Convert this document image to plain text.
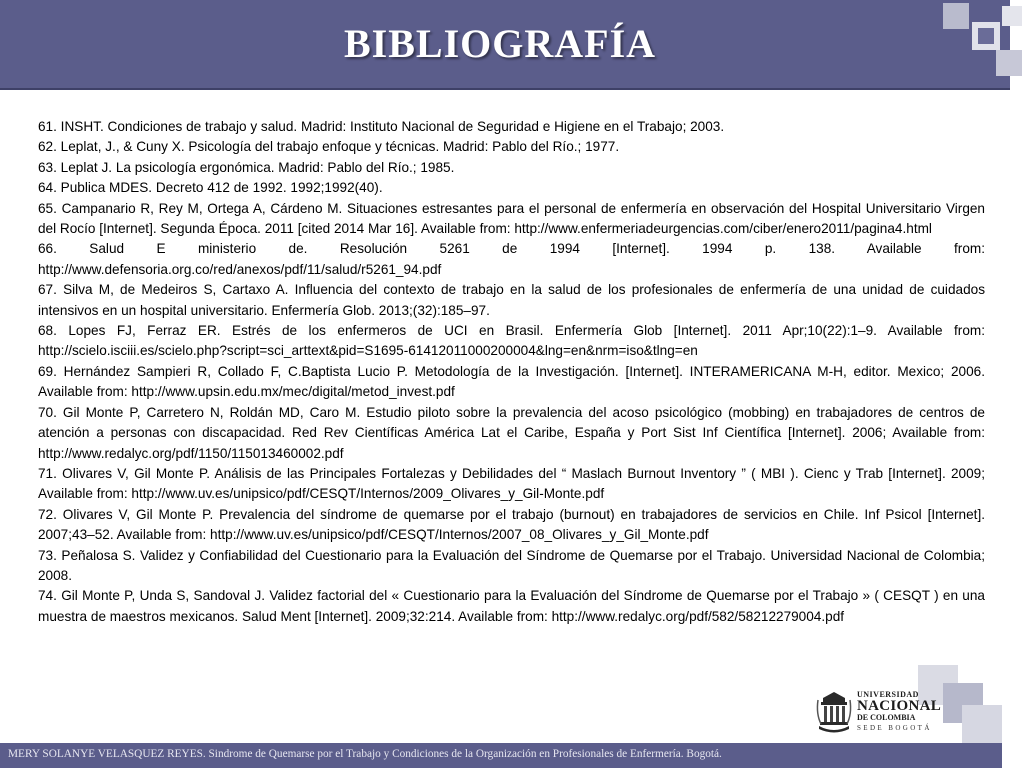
BIBLIOGRAFÍA

61. INSHT. Condiciones de trabajo y salud. Madrid: Instituto Nacional de Seguridad e Higiene en el Trabajo; 2003.

62. Leplat, J., & Cuny X. Psicología del trabajo enfoque y técnicas. Madrid: Pablo del Río.; 1977.

63. Leplat J. La psicología ergonómica. Madrid: Pablo del Río.; 1985.

64. Publica MDES. Decreto 412 de 1992. 1992;1992(40).

65. Campanario R, Rey M, Ortega A, Cárdeno M. Situaciones estresantes para el personal de enfermería en observación del Hospital Universitario Virgen del Rocío [Internet]. Segunda Época. 2011 [cited 2014 Mar 16]. Available from: http://www.enfermeriadeurgencias.com/ciber/enero2011/pagina4.html

66. Salud E ministerio de. Resolución 5261 de 1994 [Internet]. 1994 p. 138. Available from: http://www.defensoria.org.co/red/anexos/pdf/11/salud/r5261_94.pdf

67. Silva M, de Medeiros S, Cartaxo A. Influencia del contexto de trabajo en la salud de los profesionales de enfermería de una unidad de cuidados intensivos en un hospital universitario. Enfermería Glob. 2013;(32):185–97.

68. Lopes FJ, Ferraz ER. Estrés de los enfermeros de UCI en Brasil. Enfermería Glob [Internet]. 2011 Apr;10(22):1–9. Available from: http://scielo.isciii.es/scielo.php?script=sci_arttext&pid=S1695-61412011000200004&lng=en&nrm=iso&tlng=en

69. Hernández Sampieri R, Collado F, C.Baptista Lucio P. Metodología de la Investigación. [Internet]. INTERAMERICANA M-H, editor. Mexico; 2006. Available from: http://www.upsin.edu.mx/mec/digital/metod_invest.pdf

70. Gil Monte P, Carretero N, Roldán MD, Caro M. Estudio piloto sobre la prevalencia del acoso psicológico (mobbing) en trabajadores de centros de atención a personas con discapacidad. Red Rev Científicas América Lat el Caribe, España y Port Sist Inf Científica [Internet]. 2006; Available from: http://www.redalyc.org/pdf/1150/115013460002.pdf

71. Olivares V, Gil Monte P. Análisis de las Principales Fortalezas y Debilidades del “ Maslach Burnout Inventory ” ( MBI ). Cienc y Trab [Internet]. 2009; Available from: http://www.uv.es/unipsico/pdf/CESQT/Internos/2009_Olivares_y_Gil-Monte.pdf

72. Olivares V, Gil Monte P. Prevalencia del síndrome de quemarse por el trabajo (burnout) en trabajadores de servicios en Chile. Inf Psicol [Internet]. 2007;43–52. Available from: http://www.uv.es/unipsico/pdf/CESQT/Internos/2007_08_Olivares_y_Gil_Monte.pdf

73. Peñalosa S. Validez y Confiabilidad del Cuestionario para la Evaluación del Síndrome de Quemarse por el Trabajo. Universidad Nacional de Colombia; 2008.

74. Gil Monte P, Unda S, Sandoval J. Validez factorial del « Cuestionario para la Evaluación del Síndrome de Quemarse por el Trabajo » ( CESQT ) en una muestra de maestros mexicanos. Salud Ment [Internet]. 2009;32:214. Available from: http://www.redalyc.org/pdf/582/58212279004.pdf

UNIVERSIDAD
NACIONAL
DE COLOMBIA
SEDE BOGOTÁ
MERY SOLANYE VELASQUEZ REYES. Sindrome de Quemarse por el Trabajo y Condiciones de la Organización en Profesionales de Enfermería. Bogotá.
